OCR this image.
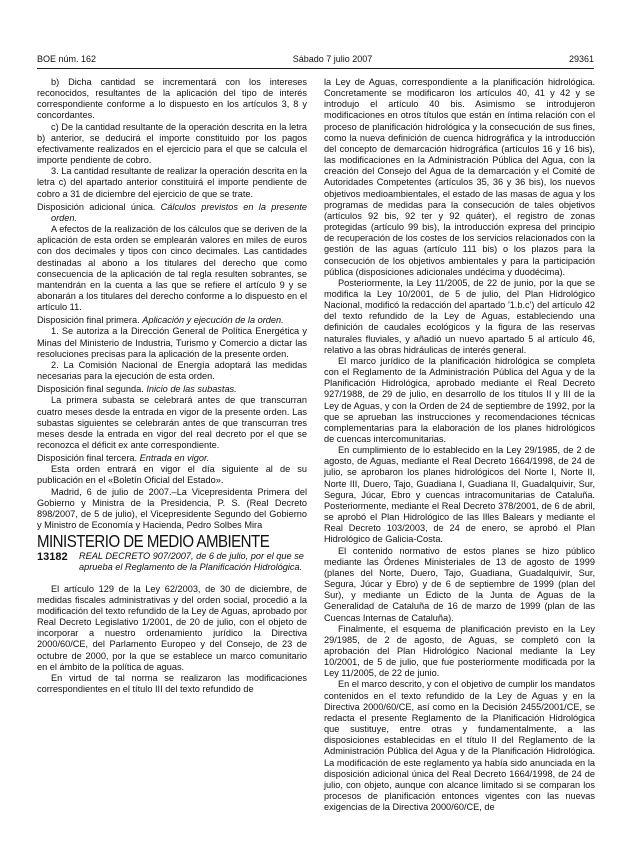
BOE núm. 162	Sábado 7 julio 2007	29361

b) Dicha cantidad se incrementará con los intereses reconocidos, resultantes de la aplicación del tipo de interés correspondiente conforme a lo dispuesto en los artículos 3, 8 y concordantes.

c) De la cantidad resultante de la operación descrita en la letra b) anterior, se deducirá el importe constituido por los pagos efectivamente realizados en el ejercicio para el que se calcula el importe pendiente de cobro.

3. La cantidad resultante de realizar la operación descrita en la letra c) del apartado anterior constituirá el importe pendiente de cobro a 31 de diciembre del ejercicio de que se trate.

Disposición adicional única. Cálculos previstos en la presente orden.

A efectos de la realización de los cálculos que se deriven de la aplicación de esta orden se emplearán valores en miles de euros con dos decimales y tipos con cinco decimales. Las cantidades destinadas al abono a los titulares del derecho que como consecuencia de la aplicación de tal regla resulten sobrantes, se mantendrán en la cuenta a las que se refiere el artículo 9 y se abonarán a los titulares del derecho conforme a lo dispuesto en el artículo 11.

Disposición final primera. Aplicación y ejecución de la orden.

1. Se autoriza a la Dirección General de Política Energética y Minas del Ministerio de Industria, Turismo y Comercio a dictar las resoluciones precisas para la aplicación de la presente orden.

2. La Comisión Nacional de Energía adoptará las medidas necesarias para la ejecución de esta orden.

Disposición final segunda. Inicio de las subastas.

La primera subasta se celebrará antes de que transcurran cuatro meses desde la entrada en vigor de la presente orden. Las subastas siguientes se celebrarán antes de que transcurran tres meses desde la entrada en vigor del real decreto por el que se reconozca el déficit ex ante correspondiente.

Disposición final tercera. Entrada en vigor.

Esta orden entrará en vigor el día siguiente al de su publicación en el «Boletín Oficial del Estado».

Madrid, 6 de julio de 2007.–La Vicepresidenta Primera del Gobierno y Ministra de la Presidencia, P. S. (Real Decreto 898/2007, de 5 de julio), el Vicepresidente Segundo del Gobierno y Ministro de Economía y Hacienda, Pedro Solbes Mira

MINISTERIO DE MEDIO AMBIENTE

13182	REAL DECRETO 907/2007, de 6 de julio, por el que se aprueba el Reglamento de la Planificación Hidrológica.

El artículo 129 de la Ley 62/2003, de 30 de diciembre, de medidas fiscales administrativas y del orden social, procedió a la modificación del texto refundido de la Ley de Aguas, aprobado por Real Decreto Legislativo 1/2001, de 20 de julio, con el objeto de incorporar a nuestro ordenamiento jurídico la Directiva 2000/60/CE, del Parlamento Europeo y del Consejo, de 23 de octubre de 2000, por la que se establece un marco comunitario en el ámbito de la política de aguas.

En virtud de tal norma se realizaron las modificaciones correspondientes en el título III del texto refundido de

la Ley de Aguas, correspondiente a la planificación hidrológica. Concretamente se modificaron los artículos 40, 41 y 42 y se introdujo el artículo 40 bis. Asimismo se introdujeron modificaciones en otros títulos que están en íntima relación con el proceso de planificación hidrológica y la consecución de sus fines, como la nueva definición de cuenca hidrográfica y la introducción del concepto de demarcación hidrográfica (artículos 16 y 16 bis), las modificaciones en la Administración Pública del Agua, con la creación del Consejo del Agua de la demarcación y el Comité de Autoridades Competentes (artículos 35, 36 y 36 bis), los nuevos objetivos medioambientales, el estado de las masas de agua y los programas de medidas para la consecución de tales objetivos (artículos 92 bis, 92 ter y 92 quáter), el registro de zonas protegidas (artículo 99 bis), la introducción expresa del principio de recuperación de los costes de los servicios relacionados con la gestión de las aguas (artículo 111 bis) o los plazos para la consecución de los objetivos ambientales y para la participación pública (disposiciones adicionales undécima y duodécima).

Posteriormente, la Ley 11/2005, de 22 de junio, por la que se modifica la Ley 10/2001, de 5 de julio, del Plan Hidrológico Nacional, modificó la redacción del apartado '1.b.c') del artículo 42 del texto refundido de la Ley de Aguas, estableciendo una definición de caudales ecológicos y la figura de las reservas naturales fluviales, y añadió un nuevo apartado 5 al artículo 46, relativo a las obras hidráulicas de interés general.

El marco jurídico de la planificación hidrológica se completa con el Reglamento de la Administración Pública del Agua y de la Planificación Hidrológica, aprobado mediante el Real Decreto 927/1988, de 29 de julio, en desarrollo de los títulos II y III de la Ley de Aguas, y con la Orden de 24 de septiembre de 1992, por la que se aprueban las instrucciones y recomendaciones técnicas complementarias para la elaboración de los planes hidrológicos de cuencas intercomunitarias.

En cumplimiento de lo establecido en la Ley 29/1985, de 2 de agosto, de Aguas, mediante el Real Decreto 1664/1998, de 24 de julio, se aprobaron los planes hidrológicos del Norte I, Norte II, Norte III, Duero, Tajo, Guadiana I, Guadiana II, Guadalquivir, Sur, Segura, Júcar, Ebro y cuencas intracomunitarias de Cataluña. Posteriormente, mediante el Real Decreto 378/2001, de 6 de abril, se aprobó el Plan Hidrológico de las Illes Balears y mediante el Real Decreto 103/2003, de 24 de enero, se aprobó el Plan Hidrológico de Galicia-Costa.

El contenido normativo de estos planes se hizo público mediante las Órdenes Ministeriales de 13 de agosto de 1999 (planes del Norte, Duero, Tajo, Guadiana, Guadalquivir, Sur, Segura, Júcar y Ebro) y de 6 de septiembre de 1999 (plan del Sur), y mediante un Edicto de la Junta de Aguas de la Generalidad de Cataluña de 16 de marzo de 1999 (plan de las Cuencas Internas de Cataluña).

Finalmente, el esquema de planificación previsto en la Ley 29/1985, de 2 de agosto, de Aguas, se completó con la aprobación del Plan Hidrológico Nacional mediante la Ley 10/2001, de 5 de julio, que fue posteriormente modificada por la Ley 11/2005, de 22 de junio.

En el marco descrito, y con el objetivo de cumplir los mandatos contenidos en el texto refundido de la Ley de Aguas y en la Directiva 2000/60/CE, así como en la Decisión 2455/2001/CE, se redacta el presente Reglamento de la Planificación Hidrológica que sustituye, entre otras y fundamentalmente, a las disposiciones establecidas en el título II del Reglamento de la Administración Pública del Agua y de la Planificación Hidrológica. La modificación de este reglamento ya había sido anunciada en la disposición adicional única del Real Decreto 1664/1998, de 24 de julio, con objeto, aunque con alcance limitado si se comparan los procesos de planificación entonces vigentes con las nuevas exigencias de la Directiva 2000/60/CE, de
